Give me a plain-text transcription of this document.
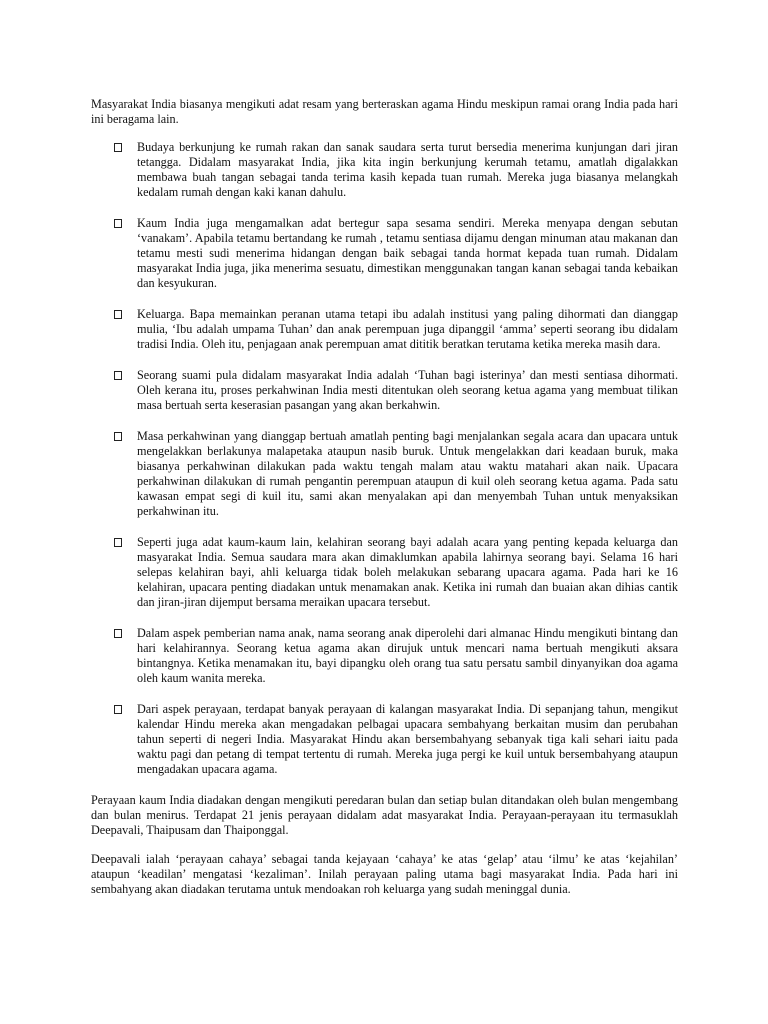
Masyarakat India biasanya mengikuti adat resam yang berteraskan agama Hindu meskipun ramai orang India pada hari ini beragama lain.

Budaya berkunjung ke rumah rakan dan sanak saudara serta turut bersedia menerima kunjungan dari jiran tetangga. Didalam masyarakat India, jika kita ingin berkunjung kerumah tetamu, amatlah digalakkan membawa buah tangan sebagai tanda terima kasih kepada tuan rumah. Mereka juga biasanya melangkah kedalam rumah dengan kaki kanan dahulu.
Kaum India juga mengamalkan adat bertegur sapa sesama sendiri. Mereka menyapa dengan sebutan ‘vanakam’. Apabila tetamu bertandang ke rumah , tetamu sentiasa dijamu dengan minuman atau makanan dan tetamu mesti sudi menerima hidangan dengan baik sebagai tanda hormat kepada tuan rumah. Didalam masyarakat India juga, jika menerima sesuatu, dimestikan menggunakan tangan kanan sebagai tanda kebaikan dan kesyukuran.
Keluarga. Bapa memainkan peranan utama tetapi ibu adalah institusi yang paling dihormati dan dianggap mulia, ‘Ibu adalah umpama Tuhan’ dan anak perempuan juga dipanggil ‘amma’ seperti seorang ibu didalam tradisi India. Oleh itu, penjagaan anak perempuan amat dititik beratkan terutama ketika mereka masih dara.
Seorang suami pula didalam masyarakat India adalah ‘Tuhan bagi isterinya’ dan mesti sentiasa dihormati. Oleh kerana itu, proses perkahwinan India mesti ditentukan oleh seorang ketua agama yang membuat tilikan masa bertuah serta keserasian pasangan yang akan berkahwin.
Masa perkahwinan yang dianggap bertuah amatlah penting bagi menjalankan segala acara dan upacara untuk mengelakkan berlakunya malapetaka ataupun nasib buruk. Untuk mengelakkan dari keadaan buruk, maka biasanya perkahwinan dilakukan pada waktu tengah malam atau waktu matahari akan naik. Upacara perkahwinan dilakukan di rumah pengantin perempuan ataupun di kuil oleh seorang ketua agama. Pada satu kawasan empat segi di kuil itu, sami akan menyalakan api dan menyembah Tuhan untuk menyaksikan perkahwinan itu.
Seperti juga adat kaum-kaum lain, kelahiran seorang bayi adalah acara yang penting kepada keluarga dan masyarakat India. Semua saudara mara akan dimaklumkan apabila lahirnya seorang bayi. Selama 16 hari selepas kelahiran bayi, ahli keluarga tidak boleh melakukan sebarang upacara agama. Pada hari ke 16 kelahiran, upacara penting diadakan untuk menamakan anak. Ketika ini rumah dan buaian akan dihias cantik dan jiran-jiran dijemput bersama meraikan upacara tersebut.
Dalam aspek pemberian nama anak, nama seorang anak diperolehi dari almanac Hindu mengikuti bintang dan hari kelahirannya. Seorang ketua agama akan dirujuk untuk mencari nama bertuah mengikuti aksara bintangnya. Ketika menamakan itu, bayi dipangku oleh orang tua satu persatu sambil dinyanyikan doa agama oleh kaum wanita mereka.
Dari aspek perayaan, terdapat banyak perayaan di kalangan masyarakat India. Di sepanjang tahun, mengikut kalendar Hindu mereka akan mengadakan pelbagai upacara sembahyang berkaitan musim dan perubahan tahun seperti di negeri India. Masyarakat Hindu akan bersembahyang sebanyak tiga kali sehari iaitu pada waktu pagi dan petang di tempat tertentu di rumah. Mereka juga pergi ke kuil untuk bersembahyang ataupun mengadakan upacara agama.

Perayaan kaum India diadakan dengan mengikuti peredaran bulan dan setiap bulan ditandakan oleh bulan mengembang dan bulan menirus. Terdapat 21 jenis perayaan didalam adat masyarakat India. Perayaan-perayaan itu termasuklah Deepavali, Thaipusam dan Thaiponggal.

Deepavali ialah ‘perayaan cahaya’ sebagai tanda kejayaan ‘cahaya’ ke atas ‘gelap’ atau ‘ilmu’ ke atas ‘kejahilan’ ataupun ‘keadilan’ mengatasi ‘kezaliman’. Inilah perayaan paling utama bagi masyarakat India. Pada hari ini sembahyang akan diadakan terutama untuk mendoakan roh keluarga yang sudah meninggal dunia.
